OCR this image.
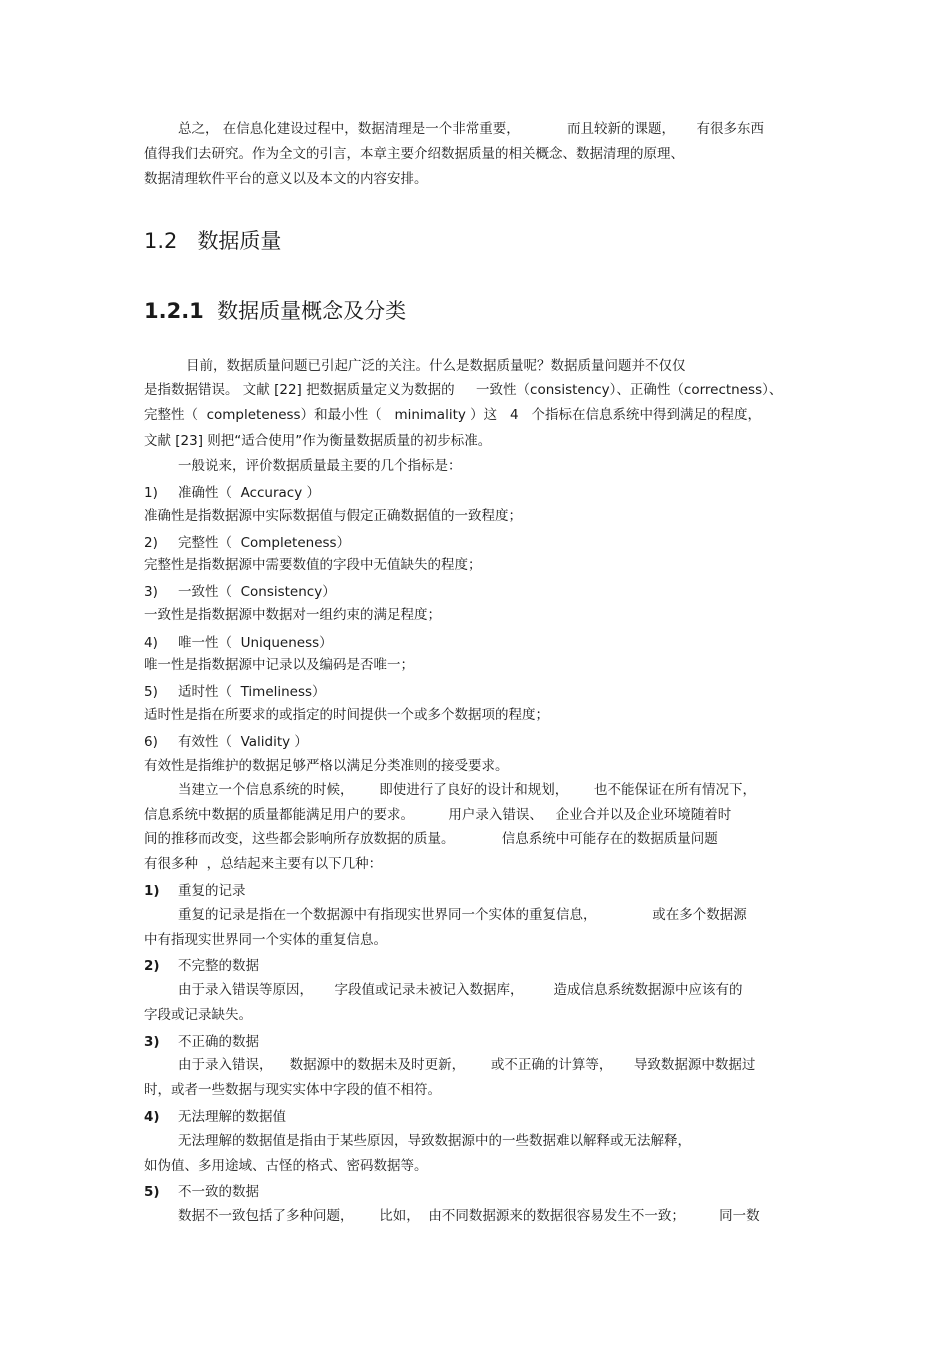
总之， 在信息化建设过程中，数据清理是一个非常重要，           而且较新的课题，     有很多东西
值得我们去研究。作为全文的引言，本章主要介绍数据质量的相关概念、数据清理的原理、
数据清理软件平台的意义以及本文的内容安排。
1.2 数据质量
1.2.1 数据质量概念及分类
目前，数据质量问题已引起广泛的关注。什么是数据质量呢？数据质量问题并不仅仅
是指数据错误。 文献 [22] 把数据质量定义为数据的     一致性（consistency）、正确性（correctness）、
完整性（  completeness）和最小性（   minimality ）这   4   个指标在信息系统中得到满足的程度，
文献 [23] 则把“适合使用”作为衡量数据质量的初步标准。
一般说来，评价数据质量最主要的几个指标是：
1) 准确性（  Accuracy ）
准确性是指数据源中实际数据值与假定正确数据值的一致程度；
2) 完整性（  Completeness）
完整性是指数据源中需要数值的字段中无值缺失的程度；
3) 一致性（  Consistency）
一致性是指数据源中数据对一组约束的满足程度；
4) 唯一性（  Uniqueness）
唯一性是指数据源中记录以及编码是否唯一；
5) 适时性（  Timeliness）
适时性是指在所要求的或指定的时间提供一个或多个数据项的程度；
6) 有效性（  Validity ）
有效性是指维护的数据足够严格以满足分类准则的接受要求。
当建立一个信息系统的时候，      即使进行了良好的设计和规划，      也不能保证在所有情况下，
信息系统中数据的质量都能满足用户的要求。        用户录入错误、   企业合并以及企业环境随着时
间的推移而改变，这些都会影响所存放数据的质量。           信息系统中可能存在的数据质量问题
有很多种  ，总结起来主要有以下几种：
1) 重复的记录
重复的记录是指在一个数据源中有指现实世界同一个实体的重复信息，             或在多个数据源
中有指现实世界同一个实体的重复信息。
2) 不完整的数据
由于录入错误等原因，     字段值或记录未被记入数据库，       造成信息系统数据源中应该有的
字段或记录缺失。
3) 不正确的数据
由于录入错误，    数据源中的数据未及时更新，      或不正确的计算等，     导致数据源中数据过
时，或者一些数据与现实实体中字段的值不相符。
4) 无法理解的数据值
无法理解的数据值是指由于某些原因，导致数据源中的一些数据难以解释或无法解释，
如伪值、多用途域、古怪的格式、密码数据等。
5) 不一致的数据
数据不一致包括了多种问题，      比如，  由不同数据源来的数据很容易发生不一致；        同一数
